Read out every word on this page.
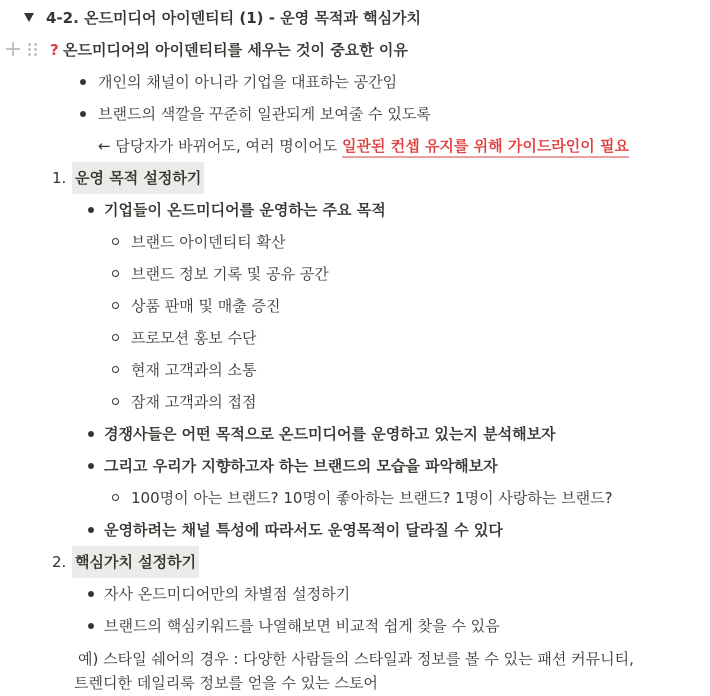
4-2. 온드미디어 아이덴티티 (1) - 운영 목적과 핵심가치
? 온드미디어의 아이덴티티를 세우는 것이 중요한 이유
개인의 채널이 아니라 기업을 대표하는 공간임
브랜드의 색깔을 꾸준히 일관되게 보여줄 수 있도록
← 담당자가 바뀌어도, 여러 명이어도 일관된 컨셉 유지를 위해 가이드라인이 필요
1. 운영 목적 설정하기
기업들이 온드미디어를 운영하는 주요 목적
브랜드 아이덴티티 확산
브랜드 정보 기록 및 공유 공간
상품 판매 및 매출 증진
프로모션 홍보 수단
현재 고객과의 소통
잠재 고객과의 접점
경쟁사들은 어떤 목적으로 온드미디어를 운영하고 있는지 분석해보자
그리고 우리가 지향하고자 하는 브랜드의 모습을 파악해보자
100명이 아는 브랜드? 10명이 좋아하는 브랜드? 1명이 사랑하는 브랜드?
운영하려는 채널 특성에 따라서도 운영목적이 달라질 수 있다
2. 핵심가치 설정하기
자사 온드미디어만의 차별점 설정하기
브랜드의 핵심키워드를 나열해보면 비교적 쉽게 찾을 수 있음
예) 스타일 쉐어의 경우 : 다양한 사람들의 스타일과 정보를 볼 수 있는 패션 커뮤니티,
트렌디한 데일리룩 정보를 얻을 수 있는 스토어
